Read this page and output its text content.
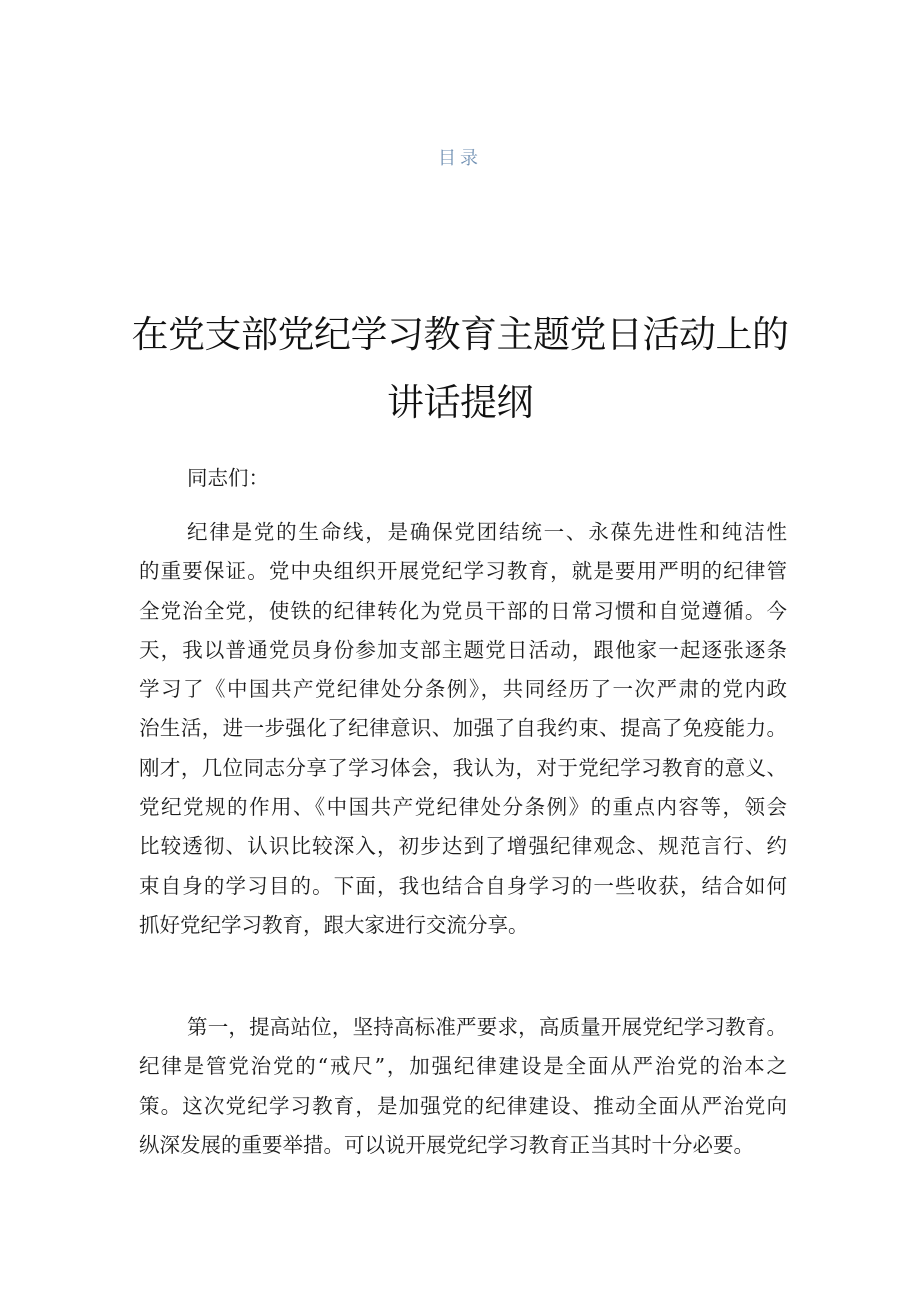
目录
在党支部党纪学习教育主题党日活动上的
讲话提纲
同志们：
纪律是党的生命线，是确保党团结统一、永葆先进性和纯洁性
的重要保证。党中央组织开展党纪学习教育，就是要用严明的纪律管
全党治全党，使铁的纪律转化为党员干部的日常习惯和自觉遵循。今
天，我以普通党员身份参加支部主题党日活动，跟他家一起逐张逐条
学习了《中国共产党纪律处分条例》，共同经历了一次严肃的党内政
治生活，进一步强化了纪律意识、加强了自我约束、提高了免疫能力。
刚才，几位同志分享了学习体会，我认为，对于党纪学习教育的意义、
党纪党规的作用、《中国共产党纪律处分条例》的重点内容等，领会
比较透彻、认识比较深入，初步达到了增强纪律观念、规范言行、约
束自身的学习目的。下面，我也结合自身学习的一些收获，结合如何
抓好党纪学习教育，跟大家进行交流分享。
第一，提高站位，坚持高标准严要求，高质量开展党纪学习教育。
纪律是管党治党的“戒尺”，加强纪律建设是全面从严治党的治本之
策。这次党纪学习教育，是加强党的纪律建设、推动全面从严治党向
纵深发展的重要举措。可以说开展党纪学习教育正当其时十分必要。
